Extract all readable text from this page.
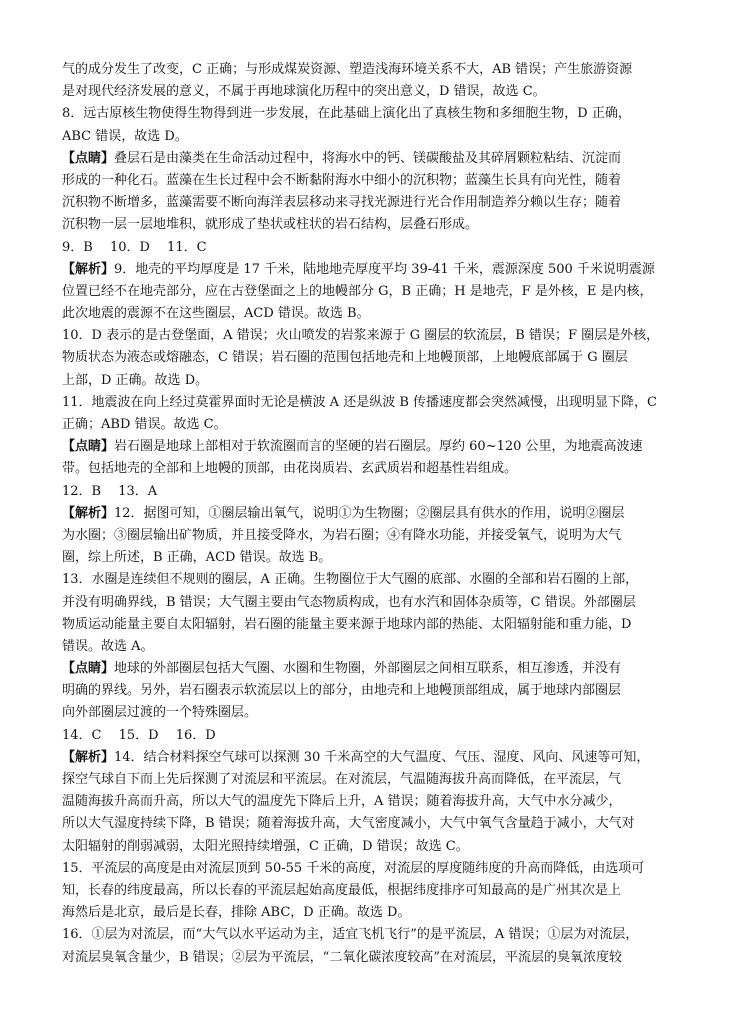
气的成分发生了改变，C 正确；与形成煤炭资源、塑造浅海环境关系不大，AB 错误；产生旅游资源
是对现代经济发展的意义，不属于再地球演化历程中的突出意义，D 错误，故选 C。
8．远古原核生物使得生物得到进一步发展，在此基础上演化出了真核生物和多细胞生物，D 正确，
ABC 错误，故选 D。
【点睛】叠层石是由藻类在生命活动过程中，将海水中的钙、镁碳酸盐及其碎屑颗粒粘结、沉淀而
形成的一种化石。蓝藻在生长过程中会不断黏附海水中细小的沉积物；蓝藻生长具有向光性，随着
沉积物不断增多，蓝藻需要不断向海洋表层移动来寻找光源进行光合作用制造养分赖以生存；随着
沉积物一层一层地堆积，就形成了垫状或柱状的岩石结构，层叠石形成。
9．B　 10．D　 11．C
【解析】9．地壳的平均厚度是 17 千米，陆地地壳厚度平均 39-41 千米，震源深度 500 千米说明震源
位置已经不在地壳部分，应在古登堡面之上的地幔部分 G，B 正确；H 是地壳，F 是外核，E 是内核，
此次地震的震源不在这些圈层，ACD 错误。故选 B。
10．D 表示的是古登堡面，A 错误；火山喷发的岩浆来源于 G 圈层的软流层，B 错误；F 圈层是外核，
物质状态为液态或熔融态，C 错误；岩石圈的范围包括地壳和上地幔顶部，上地幔底部属于 G 圈层
上部，D 正确。故选 D。
11．地震波在向上经过莫霍界面时无论是横波 A 还是纵波 B 传播速度都会突然减慢，出现明显下降，C
正确；ABD 错误。故选 C。
【点睛】岩石圈是地球上部相对于软流圈而言的坚硬的岩石圈层。厚约 60~120 公里，为地震高波速
带。包括地壳的全部和上地幔的顶部，由花岗质岩、玄武质岩和超基性岩组成。
12．B　 13．A
【解析】12．据图可知，①圈层输出氧气，说明①为生物圈；②圈层具有供水的作用，说明②圈层
为水圈；③圈层输出矿物质，并且接受降水，为岩石圈；④有降水功能，并接受氧气，说明为大气
圈，综上所述，B 正确，ACD 错误。故选 B。
13．水圈是连续但不规则的圈层，A 正确。生物圈位于大气圈的底部、水圈的全部和岩石圈的上部，
并没有明确界线，B 错误；大气圈主要由气态物质构成，也有水汽和固体杂质等，C 错误。外部圈层
物质运动能量主要自太阳辐射，岩石圈的能量主要来源于地球内部的热能、太阳辐射能和重力能，D
错误。故选 A。
【点睛】地球的外部圈层包括大气圈、水圈和生物圈，外部圈层之间相互联系，相互渗透，并没有
明确的界线。另外，岩石圈表示软流层以上的部分，由地壳和上地幔顶部组成，属于地球内部圈层
向外部圈层过渡的一个特殊圈层。
14．C　 15．D　 16．D
【解析】14．结合材料探空气球可以探测 30 千米高空的大气温度、气压、湿度、风向、风速等可知，
探空气球自下而上先后探测了对流层和平流层。在对流层，气温随海拔升高而降低，在平流层，气
温随海拔升高而升高，所以大气的温度先下降后上升，A 错误；随着海拔升高，大气中水分减少，
所以大气湿度持续下降，B 错误；随着海拔升高，大气密度减小，大气中氧气含量趋于减小，大气对
太阳辐射的削弱减弱，太阳光照持续增强，C 正确，D 错误；故选 C。
15．平流层的高度是由对流层顶到 50-55 千米的高度，对流层的厚度随纬度的升高而降低，由选项可
知，长春的纬度最高，所以长春的平流层起始高度最低，根据纬度排序可知最高的是广州其次是上
海然后是北京，最后是长春，排除 ABC，D 正确。故选 D。
16．①层为对流层，而“大气以水平运动为主，适宜飞机飞行”的是平流层，A 错误；①层为对流层，
对流层臭氧含量少，B 错误；②层为平流层，“二氧化碳浓度较高”在对流层，平流层的臭氧浓度较
